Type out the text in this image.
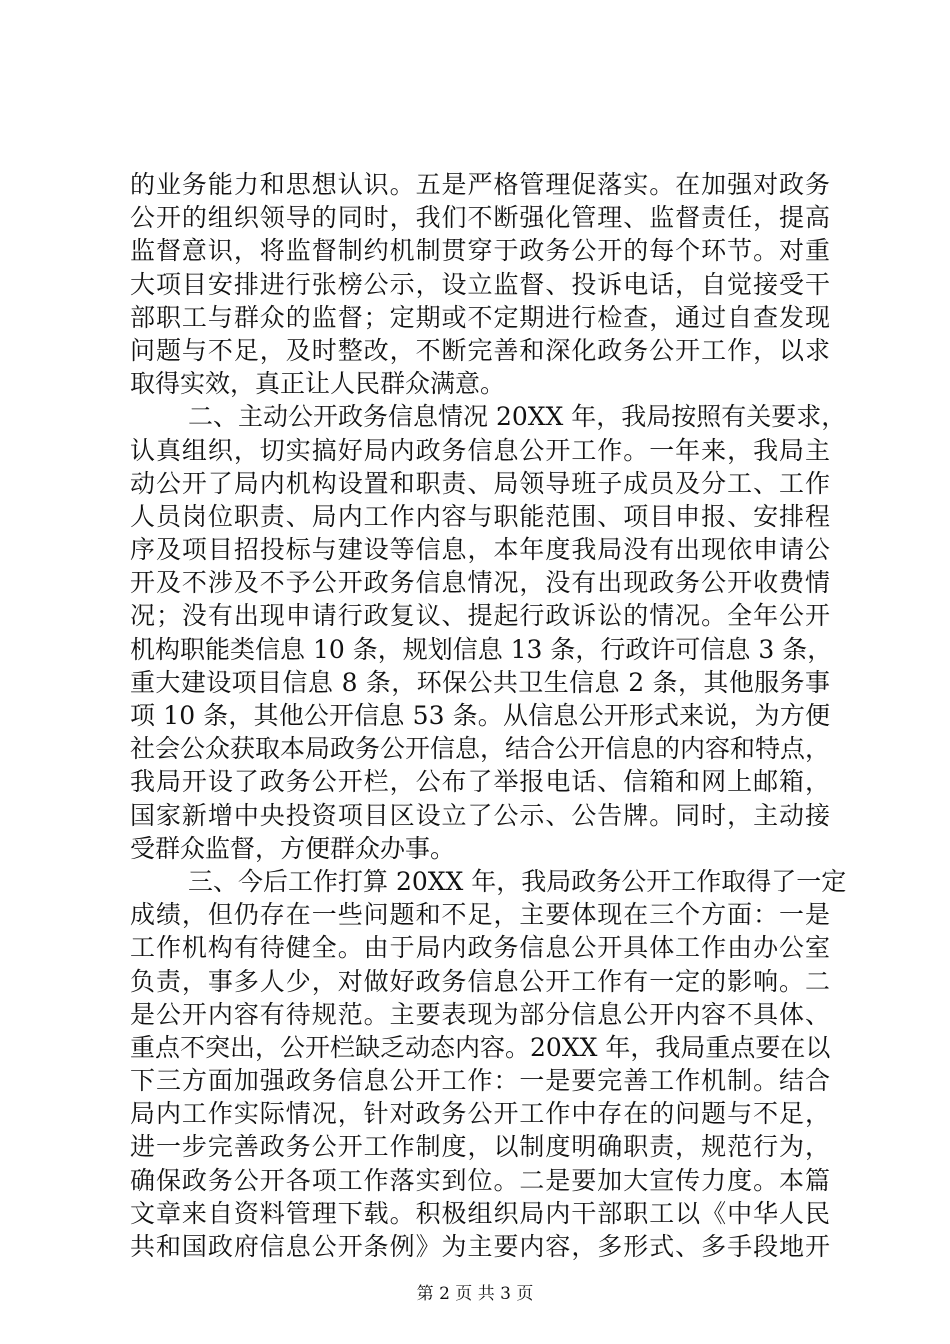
的业务能力和思想认识。五是严格管理促落实。在加强对政务
公开的组织领导的同时，我们不断强化管理、监督责任，提高
监督意识，将监督制约机制贯穿于政务公开的每个环节。对重
大项目安排进行张榜公示，设立监督、投诉电话，自觉接受干
部职工与群众的监督；定期或不定期进行检查，通过自查发现
问题与不足，及时整改，不断完善和深化政务公开工作，以求
取得实效，真正让人民群众满意。
二、主动公开政务信息情况 20XX 年，我局按照有关要求，
认真组织，切实搞好局内政务信息公开工作。一年来，我局主
动公开了局内机构设置和职责、局领导班子成员及分工、工作
人员岗位职责、局内工作内容与职能范围、项目申报、安排程
序及项目招投标与建设等信息，本年度我局没有出现依申请公
开及不涉及不予公开政务信息情况，没有出现政务公开收费情
况；没有出现申请行政复议、提起行政诉讼的情况。全年公开
机构职能类信息 10 条，规划信息 13 条，行政许可信息 3 条，
重大建设项目信息 8 条，环保公共卫生信息 2 条，其他服务事
项 10 条，其他公开信息 53 条。从信息公开形式来说，为方便
社会公众获取本局政务公开信息，结合公开信息的内容和特点，
我局开设了政务公开栏，公布了举报电话、信箱和网上邮箱，
国家新增中央投资项目区设立了公示、公告牌。同时，主动接
受群众监督，方便群众办事。
三、今后工作打算 20XX 年，我局政务公开工作取得了一定
成绩，但仍存在一些问题和不足，主要体现在三个方面：一是
工作机构有待健全。由于局内政务信息公开具体工作由办公室
负责，事多人少，对做好政务信息公开工作有一定的影响。二
是公开内容有待规范。主要表现为部分信息公开内容不具体、
重点不突出，公开栏缺乏动态内容。20XX 年，我局重点要在以
下三方面加强政务信息公开工作：一是要完善工作机制。结合
局内工作实际情况，针对政务公开工作中存在的问题与不足，
进一步完善政务公开工作制度，以制度明确职责，规范行为，
确保政务公开各项工作落实到位。二是要加大宣传力度。本篇
文章来自资料管理下载。积极组织局内干部职工以《中华人民
共和国政府信息公开条例》为主要内容，多形式、多手段地开
第 2 页 共 3 页
